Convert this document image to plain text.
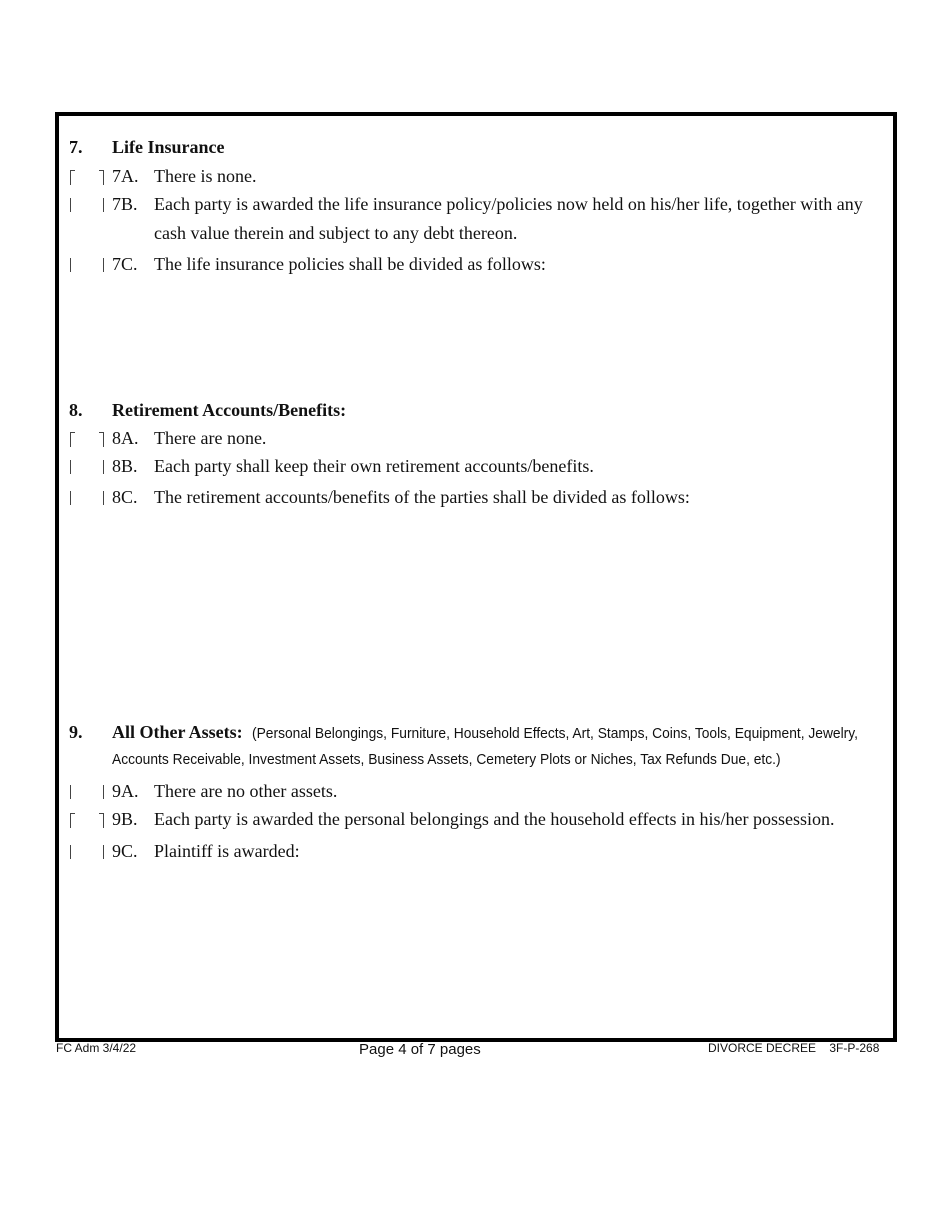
7. Life Insurance
7A. There is none.
7B. Each party is awarded the life insurance policy/policies now held on his/her life, together with any cash value therein and subject to any debt thereon.
7C. The life insurance policies shall be divided as follows:
8. Retirement Accounts/Benefits:
8A. There are none.
8B. Each party shall keep their own retirement accounts/benefits.
8C. The retirement accounts/benefits of the parties shall be divided as follows:
9. All Other Assets: (Personal Belongings, Furniture, Household Effects, Art, Stamps, Coins, Tools, Equipment, Jewelry,
Accounts Receivable, Investment Assets, Business Assets, Cemetery Plots or Niches, Tax Refunds Due, etc.)
9A. There are no other assets.
9B. Each party is awarded the personal belongings and the household effects in his/her possession.
9C. Plaintiff is awarded:
FC Adm 3/4/22	Page 4 of 7 pages	DIVORCE DECREE    3F-P-268
